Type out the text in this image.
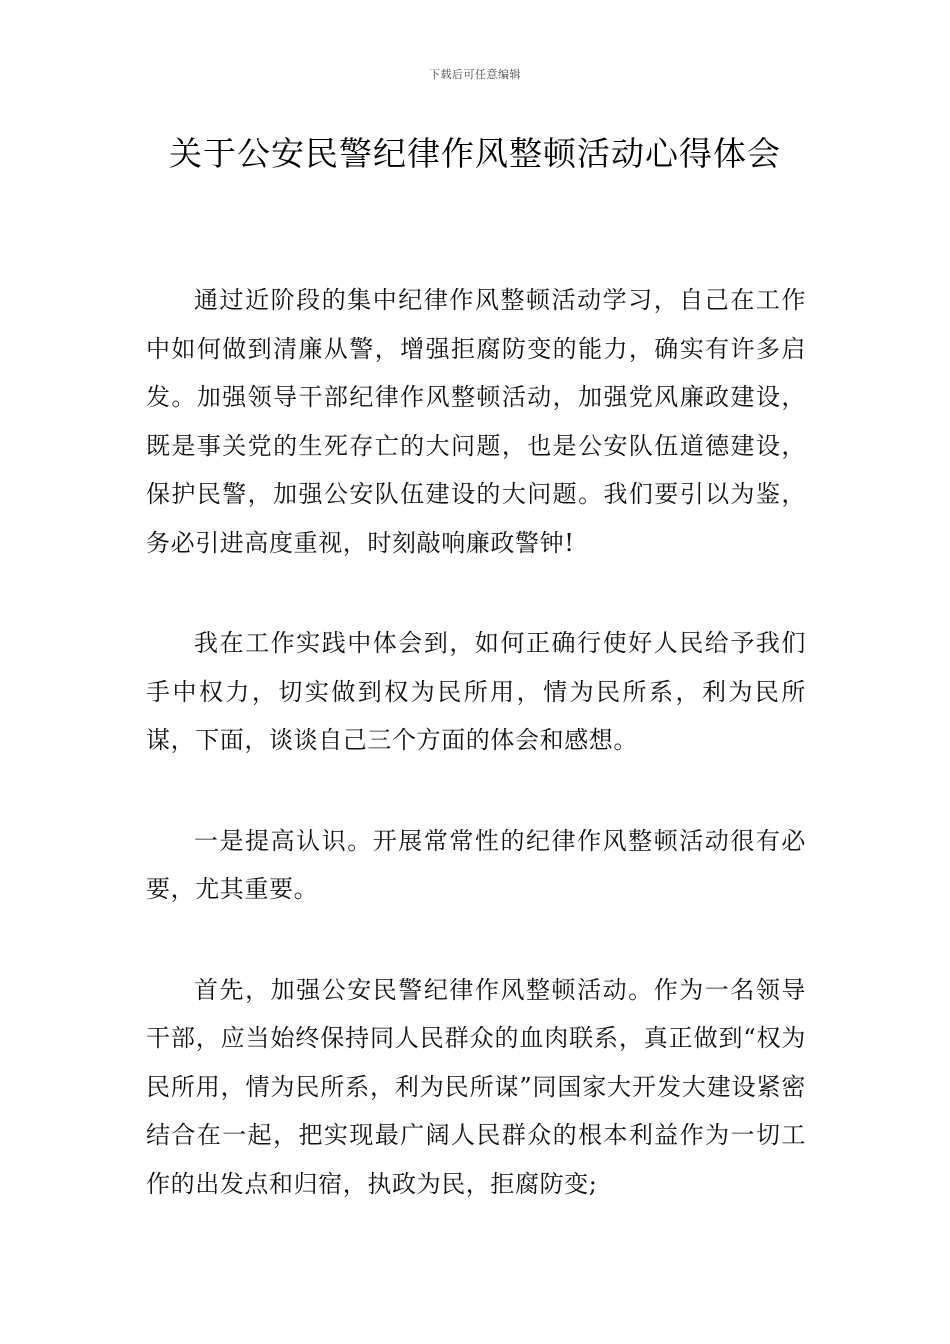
下载后可任意编辑
关于公安民警纪律作风整顿活动心得体会

通过近阶段的集中纪律作风整顿活动学习，自己在工作中如何做到清廉从警，增强拒腐防变的能力，确实有许多启发。加强领导干部纪律作风整顿活动，加强党风廉政建设，既是事关党的生死存亡的大问题，也是公安队伍道德建设，保护民警，加强公安队伍建设的大问题。我们要引以为鉴，务必引进高度重视，时刻敲响廉政警钟!

我在工作实践中体会到，如何正确行使好人民给予我们手中权力，切实做到权为民所用，情为民所系，利为民所谋，下面，谈谈自己三个方面的体会和感想。

一是提高认识。开展常常性的纪律作风整顿活动很有必要，尤其重要。

首先，加强公安民警纪律作风整顿活动。作为一名领导干部，应当始终保持同人民群众的血肉联系，真正做到“权为民所用，情为民所系，利为民所谋”同国家大开发大建设紧密结合在一起，把实现最广阔人民群众的根本利益作为一切工作的出发点和归宿，执政为民，拒腐防变;
